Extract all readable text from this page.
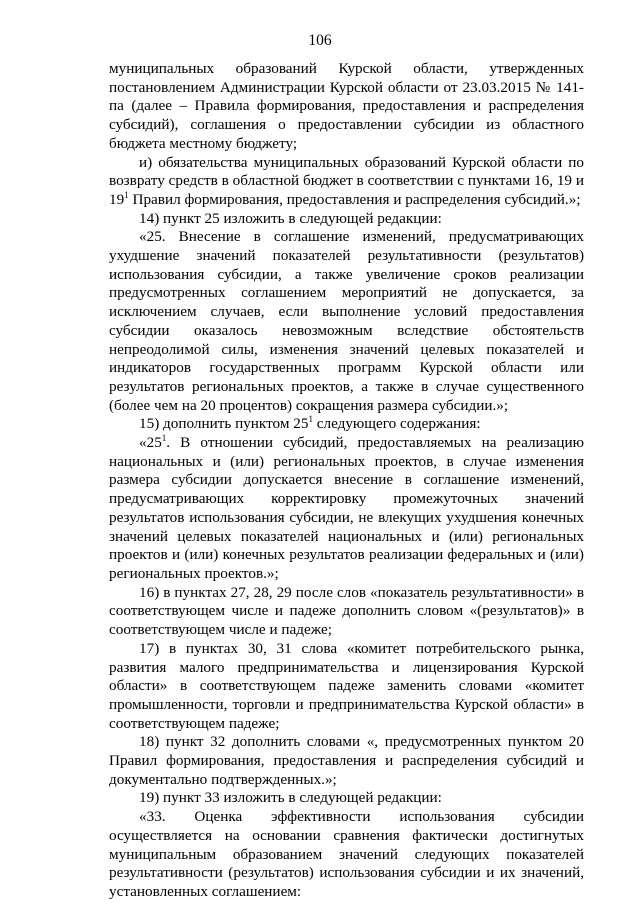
106

муниципальных образований Курской области, утвержденных постановлением Администрации Курской области от 23.03.2015 № 141-па (далее – Правила формирования, предоставления и распределения субсидий), соглашения о предоставлении субсидии из областного бюджета местному бюджету;

и) обязательства муниципальных образований Курской области по возврату средств в областной бюджет в соответствии с пунктами 16, 19 и $19^1$ Правил формирования, предоставления и распределения субсидий.»;

14) пункт 25 изложить в следующей редакции:

«25. Внесение в соглашение изменений, предусматривающих ухудшение значений показателей результативности (результатов) использования субсидии, а также увеличение сроков реализации предусмотренных соглашением мероприятий не допускается, за исключением случаев, если выполнение условий предоставления субсидии оказалось невозможным вследствие обстоятельств непреодолимой силы, изменения значений целевых показателей и индикаторов государственных программ Курской области или результатов региональных проектов, а также в случае существенного (более чем на 20 процентов) сокращения размера субсидии.»;

15) дополнить пунктом $25^1$ следующего содержания:

«$25^1$. В отношении субсидий, предоставляемых на реализацию национальных и (или) региональных проектов, в случае изменения размера субсидии допускается внесение в соглашение изменений, предусматривающих корректировку промежуточных значений результатов использования субсидии, не влекущих ухудшения конечных значений целевых показателей национальных и (или) региональных проектов и (или) конечных результатов реализации федеральных и (или) региональных проектов.»;

16) в пунктах 27, 28, 29 после слов «показатель результативности» в соответствующем числе и падеже дополнить словом «(результатов)» в соответствующем числе и падеже;

17) в пунктах 30, 31 слова «комитет потребительского рынка, развития малого предпринимательства и лицензирования Курской области» в соответствующем падеже заменить словами «комитет промышленности, торговли и предпринимательства Курской области» в соответствующем падеже;

18) пункт 32 дополнить словами «, предусмотренных пунктом 20 Правил формирования, предоставления и распределения субсидий и документально подтвержденных.»;

19) пункт 33 изложить в следующей редакции:

«33. Оценка эффективности использования субсидии осуществляется на основании сравнения фактически достигнутых муниципальным образованием значений следующих показателей результативности (результатов) использования субсидии и их значений, установленных соглашением:
